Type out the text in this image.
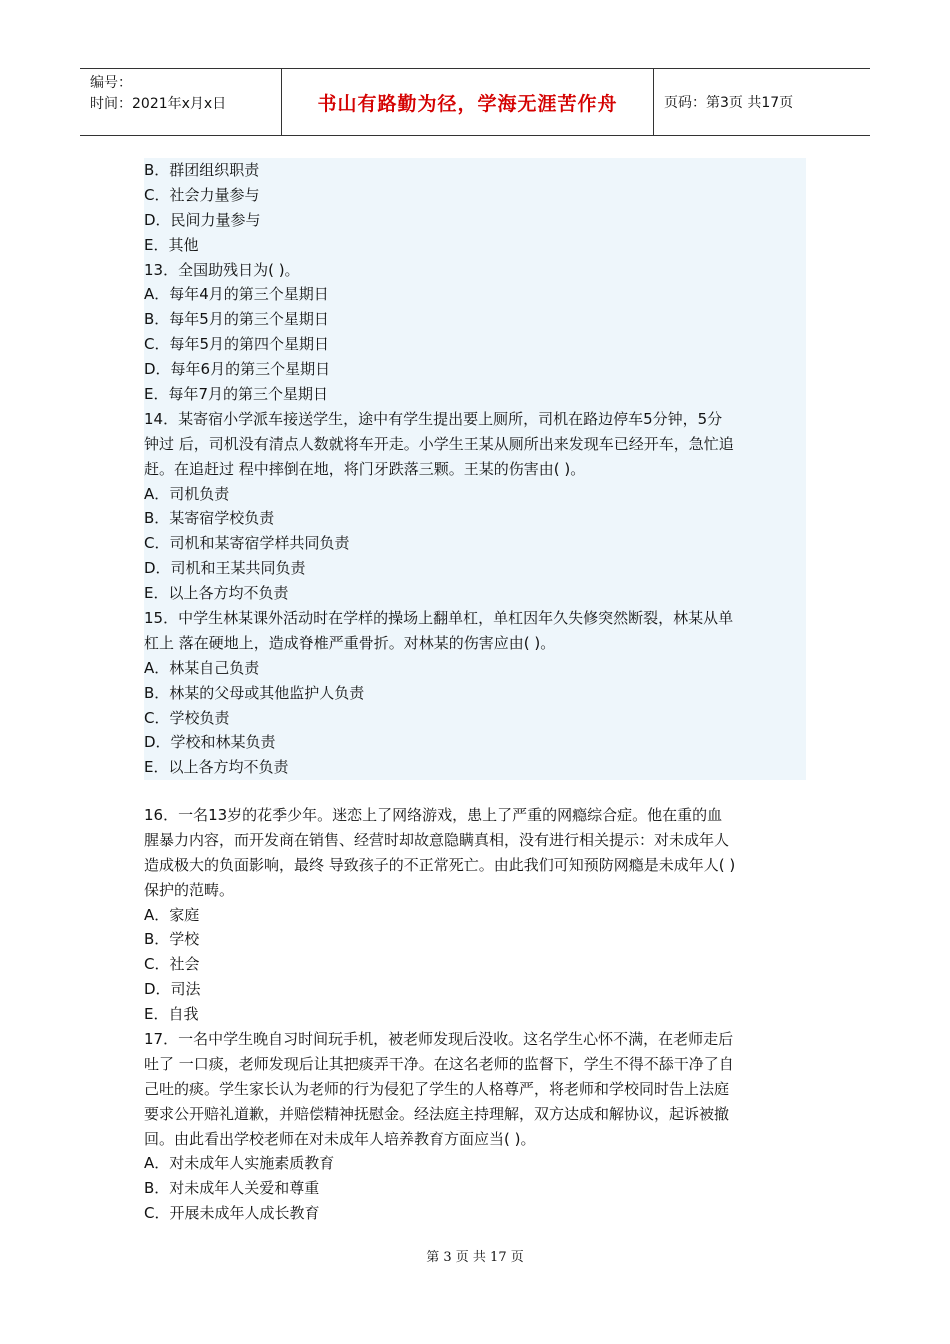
编号：
时间：2021年x月x日	书山有路勤为径，学海无涯苦作舟	页码：第3页 共17页
B．群团组织职责
C．社会力量参与
D．民间力量参与
E．其他
13．全国助残日为( )。
A．每年4月的第三个星期日
B．每年5月的第三个星期日
C．每年5月的第四个星期日
D．每年6月的第三个星期日
E．每年7月的第三个星期日
14．某寄宿小学派车接送学生，途中有学生提出要上厕所，司机在路边停车5分钟，5分
钟过 后，司机没有清点人数就将车开走。小学生王某从厕所出来发现车已经开车，急忙追
赶。在追赶过 程中摔倒在地，将门牙跌落三颗。王某的伤害由( )。
A．司机负责
B．某寄宿学校负责
C．司机和某寄宿学样共同负责
D．司机和王某共同负责
E．以上各方均不负责
15．中学生林某课外活动时在学样的操场上翻单杠，单杠因年久失修突然断裂，林某从单
杠上 落在硬地上，造成脊椎严重骨折。对林某的伤害应由( )。
A．林某自己负责
B．林某的父母或其他监护人负责
C．学校负责
D．学校和林某负责
E．以上各方均不负责
16．一名13岁的花季少年。迷恋上了网络游戏，患上了严重的网瘾综合症。他在重的血
腥暴力内容，而开发商在销售、经营时却故意隐瞒真相，没有进行相关提示：对未成年人
造成极大的负面影响，最终 导致孩子的不正常死亡。由此我们可知预防网瘾是未成年人( )
保护的范畴。
A．家庭
B．学校
C．社会
D．司法
E．自我
17．一名中学生晚自习时间玩手机，被老师发现后没收。这名学生心怀不满，在老师走后
吐了 一口痰，老师发现后让其把痰弄干净。在这名老师的监督下，学生不得不舔干净了自
己吐的痰。学生家长认为老师的行为侵犯了学生的人格尊严，将老师和学校同时告上法庭
要求公开赔礼道歉，并赔偿精神抚慰金。经法庭主持理解，双方达成和解协议，起诉被撤
回。由此看出学校老师在对未成年人培养教育方面应当( )。
A．对未成年人实施素质教育
B．对未成年人关爱和尊重
C．开展未成年人成长教育
第 3 页 共 17 页
